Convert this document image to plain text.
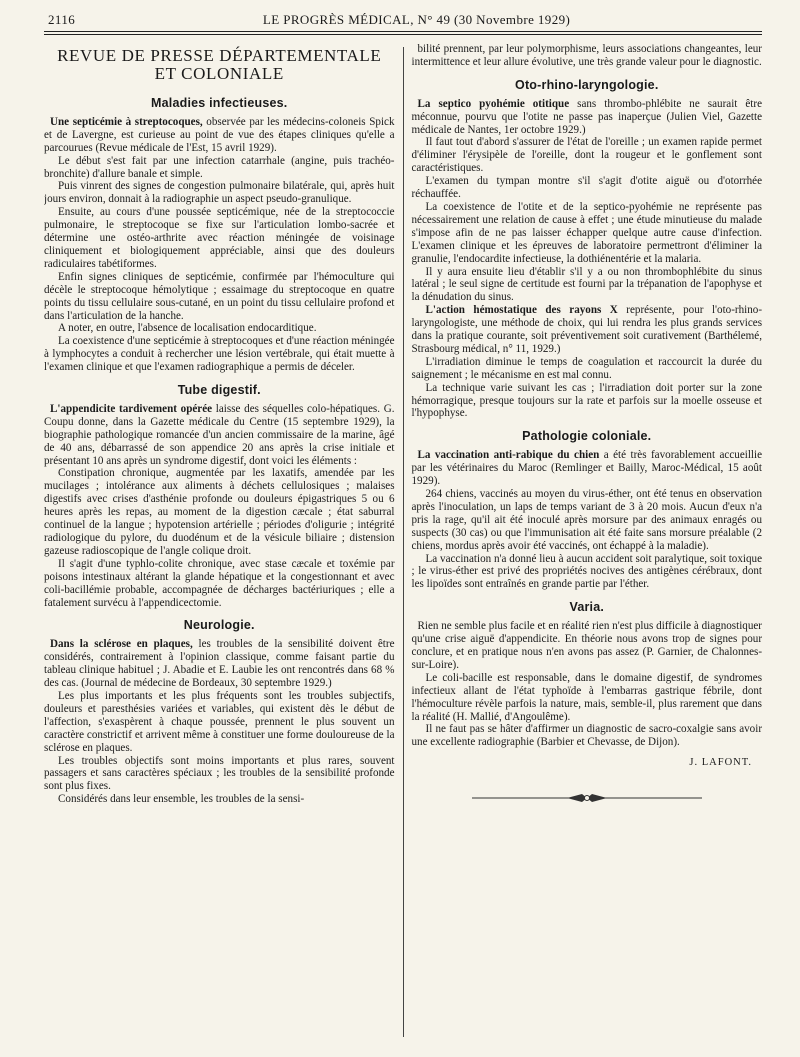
2116	LE PROGRÈS MÉDICAL, N° 49 (30 Novembre 1929)
REVUE DE PRESSE DÉPARTEMENTALE ET COLONIALE
Maladies infectieuses.

Une septicémie à streptocoques, observée par les médecins-coloneis Spick et de Lavergne, est curieuse au point de vue des étapes cliniques qu'elle a parcourues (Revue médicale de l'Est, 15 avril 1929).

Le début s'est fait par une infection catarrhale (angine, puis trachéo-bronchite) d'allure banale et simple.

Puis vinrent des signes de congestion pulmonaire bilatérale, qui, après huit jours environ, donnait à la radiographie un aspect pseudo-granulique.

Ensuite, au cours d'une poussée septicémique, née de la streptococcie pulmonaire, le streptocoque se fixe sur l'articulation lombo-sacrée et détermine une ostéo-arthrite avec réaction méningée de voisinage cliniquement et biologiquement appréciable, ainsi que des douleurs radiculaires tabétiformes.

Enfin signes cliniques de septicémie, confirmée par l'hémoculture qui décèle le streptocoque hémolytique ; essaimage du streptocoque en quatre points du tissu cellulaire sous-cutané, en un point du tissu cellulaire profond et dans l'articulation de la hanche.

A noter, en outre, l'absence de localisation endocarditique.

La coexistence d'une septicémie à streptocoques et d'une réaction méningée à lymphocytes a conduit à rechercher une lésion vertébrale, qui était muette à l'examen clinique et que l'examen radiographique a permis de déceler.

Tube digestif.

L'appendicite tardivement opérée laisse des séquelles colo-hépatiques. G. Coupu donne, dans la Gazette médicale du Centre (15 septembre 1929), la biographie pathologique romancée d'un ancien commissaire de la marine, âgé de 40 ans, débarrassé de son appendice 20 ans après la crise initiale et présentant 10 ans après un syndrome digestif, dont voici les éléments :

Constipation chronique, augmentée par les laxatifs, amendée par les mucilages ; intolérance aux aliments à déchets cellulosiques ; malaises digestifs avec crises d'asthénie profonde ou douleurs épigastriques 5 ou 6 heures après les repas, au moment de la digestion cæcale ; état saburral continuel de la langue ; hypotension artérielle ; périodes d'oligurie ; intégrité radiologique du pylore, du duodénum et de la vésicule biliaire ; distension gazeuse radioscopique de l'angle colique droit.

Il s'agit d'une typhlo-colite chronique, avec stase cæcale et toxémie par poisons intestinaux altérant la glande hépatique et la congestionnant et avec coli-bacillémie probable, accompagnée de décharges bactériuriques ; elle a fatalement survécu à l'appendicectomie.

Neurologie.

Dans la sclérose en plaques, les troubles de la sensibilité doivent être considérés, contrairement à l'opinion classique, comme faisant partie du tableau clinique habituel ; J. Abadie et E. Laubie les ont rencontrés dans 68 % des cas. (Journal de médecine de Bordeaux, 30 septembre 1929.)

Les plus importants et les plus fréquents sont les troubles subjectifs, douleurs et paresthésies variées et variables, qui existent dès le début de l'affection, s'exaspèrent à chaque poussée, prennent le plus souvent un caractère constrictif et arrivent même à constituer une forme douloureuse de la sclérose en plaques.

Les troubles objectifs sont moins importants et plus rares, souvent passagers et sans caractères spéciaux ; les troubles de la sensibilité profonde sont plus fixes.

Considérés dans leur ensemble, les troubles de la sensi-

bilité prennent, par leur polymorphisme, leurs associations changeantes, leur intermittence et leur allure évolutive, une très grande valeur pour le diagnostic.

Oto-rhino-laryngologie.

La septico pyohémie otitique sans thrombo-phlébite ne saurait être méconnue, pourvu que l'otite ne passe pas inaperçue (Julien Viel, Gazette médicale de Nantes, 1er octobre 1929.)

Il faut tout d'abord s'assurer de l'état de l'oreille ; un examen rapide permet d'éliminer l'érysipèle de l'oreille, dont la rougeur et le gonflement sont caractéristiques.

L'examen du tympan montre s'il s'agit d'otite aiguë ou d'otorrhée réchauffée.

La coexistence de l'otite et de la septico-pyohémie ne représente pas nécessairement une relation de cause à effet ; une étude minutieuse du malade s'impose afin de ne pas laisser échapper quelque autre cause d'infection. L'examen clinique et les épreuves de laboratoire permettront d'éliminer la granulie, l'endocardite infectieuse, la dothiénentérie et la malaria.

Il y aura ensuite lieu d'établir s'il y a ou non thrombophlébite du sinus latéral ; le seul signe de certitude est fourni par la trépanation de l'apophyse et la dénudation du sinus.

L'action hémostatique des rayons X représente, pour l'oto-rhino-laryngologiste, une méthode de choix, qui lui rendra les plus grands services dans la pratique courante, soit préventivement soit curativement (Barthélemé, Strasbourg médical, n° 11, 1929.)

L'irradiation diminue le temps de coagulation et raccourcit la durée du saignement ; le mécanisme en est mal connu.

La technique varie suivant les cas ; l'irradiation doit porter sur la zone hémorragique, presque toujours sur la rate et parfois sur la moelle osseuse et l'hypophyse.

Pathologie coloniale.

La vaccination anti-rabique du chien a été très favorablement accueillie par les vétérinaires du Maroc (Remlinger et Bailly, Maroc-Médical, 15 août 1929).

264 chiens, vaccinés au moyen du virus-éther, ont été tenus en observation après l'inoculation, un laps de temps variant de 3 à 20 mois. Aucun d'eux n'a pris la rage, qu'il ait été inoculé après morsure par des animaux enragés ou suspects (30 cas) ou que l'immunisation ait été faite sans morsure préalable (2 chiens, mordus après avoir été vaccinés, ont échappé à la maladie).

La vaccination n'a donné lieu à aucun accident soit paralytique, soit toxique ; le virus-éther est privé des propriétés nocives des antigènes cérébraux, dont les lipoïdes sont entraînés en grande partie par l'éther.

Varia.

Rien ne semble plus facile et en réalité rien n'est plus difficile à diagnostiquer qu'une crise aiguë d'appendicite. En théorie nous avons trop de signes pour conclure, et en pratique nous n'en avons pas assez (P. Garnier, de Chalonnes-sur-Loire).

Le coli-bacille est responsable, dans le domaine digestif, de syndromes infectieux allant de l'état typhoïde à l'embarras gastrique fébrile, dont l'hémoculture révèle parfois la nature, mais, semble-il, plus rarement que dans la réalité (H. Mallié, d'Angoulême).

Il ne faut pas se hâter d'affirmer un diagnostic de sacro-coxalgie sans avoir une excellente radiographie (Barbier et Chevasse, de Dijon).

J. LAFONT.
